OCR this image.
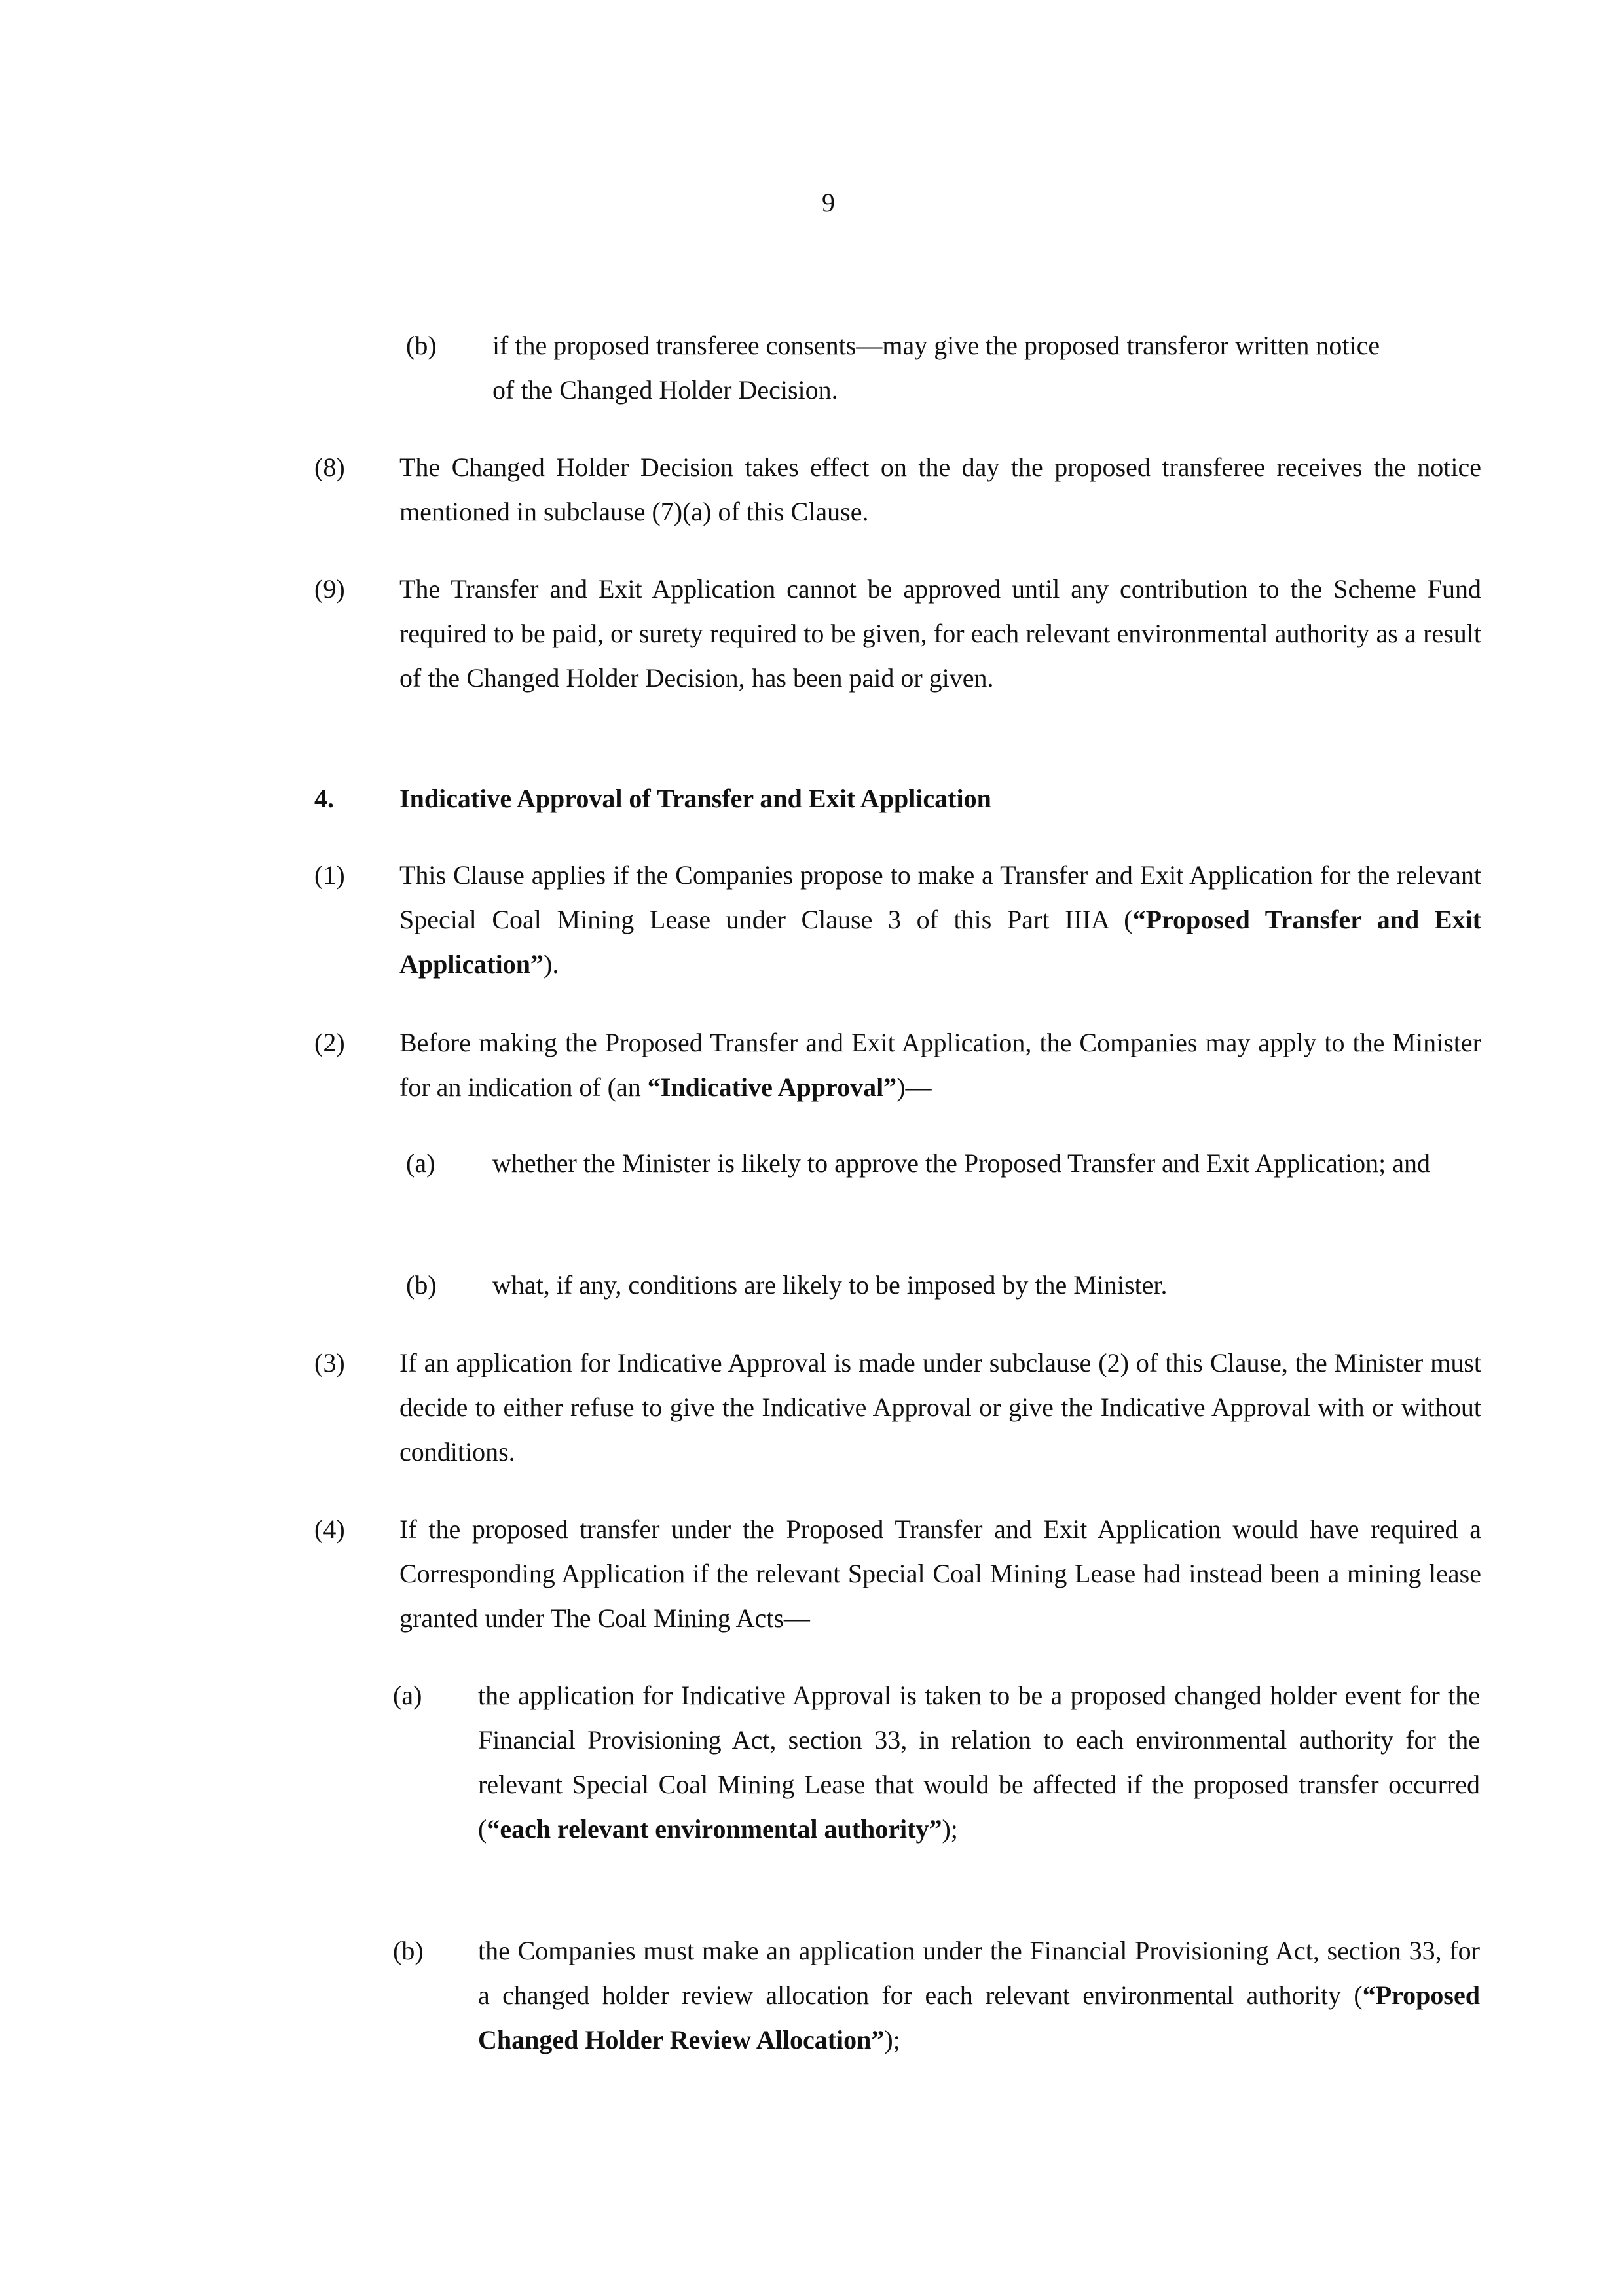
9
(b) if the proposed transferee consents—may give the proposed transferor written notice of the Changed Holder Decision.
(8) The Changed Holder Decision takes effect on the day the proposed transferee receives the notice mentioned in subclause (7)(a) of this Clause.
(9) The Transfer and Exit Application cannot be approved until any contribution to the Scheme Fund required to be paid, or surety required to be given, for each relevant environmental authority as a result of the Changed Holder Decision, has been paid or given.
4.	Indicative Approval of Transfer and Exit Application
(1) This Clause applies if the Companies propose to make a Transfer and Exit Application for the relevant Special Coal Mining Lease under Clause 3 of this Part IIIA (“Proposed Transfer and Exit Application”).
(2) Before making the Proposed Transfer and Exit Application, the Companies may apply to the Minister for an indication of (an “Indicative Approval”)—
(a) whether the Minister is likely to approve the Proposed Transfer and Exit Application; and
(b) what, if any, conditions are likely to be imposed by the Minister.
(3) If an application for Indicative Approval is made under subclause (2) of this Clause, the Minister must decide to either refuse to give the Indicative Approval or give the Indicative Approval with or without conditions.
(4) If the proposed transfer under the Proposed Transfer and Exit Application would have required a Corresponding Application if the relevant Special Coal Mining Lease had instead been a mining lease granted under The Coal Mining Acts—
(a) the application for Indicative Approval is taken to be a proposed changed holder event for the Financial Provisioning Act, section 33, in relation to each environmental authority for the relevant Special Coal Mining Lease that would be affected if the proposed transfer occurred (“each relevant environmental authority”);
(b) the Companies must make an application under the Financial Provisioning Act, section 33, for a changed holder review allocation for each relevant environmental authority (“Proposed Changed Holder Review Allocation”);
